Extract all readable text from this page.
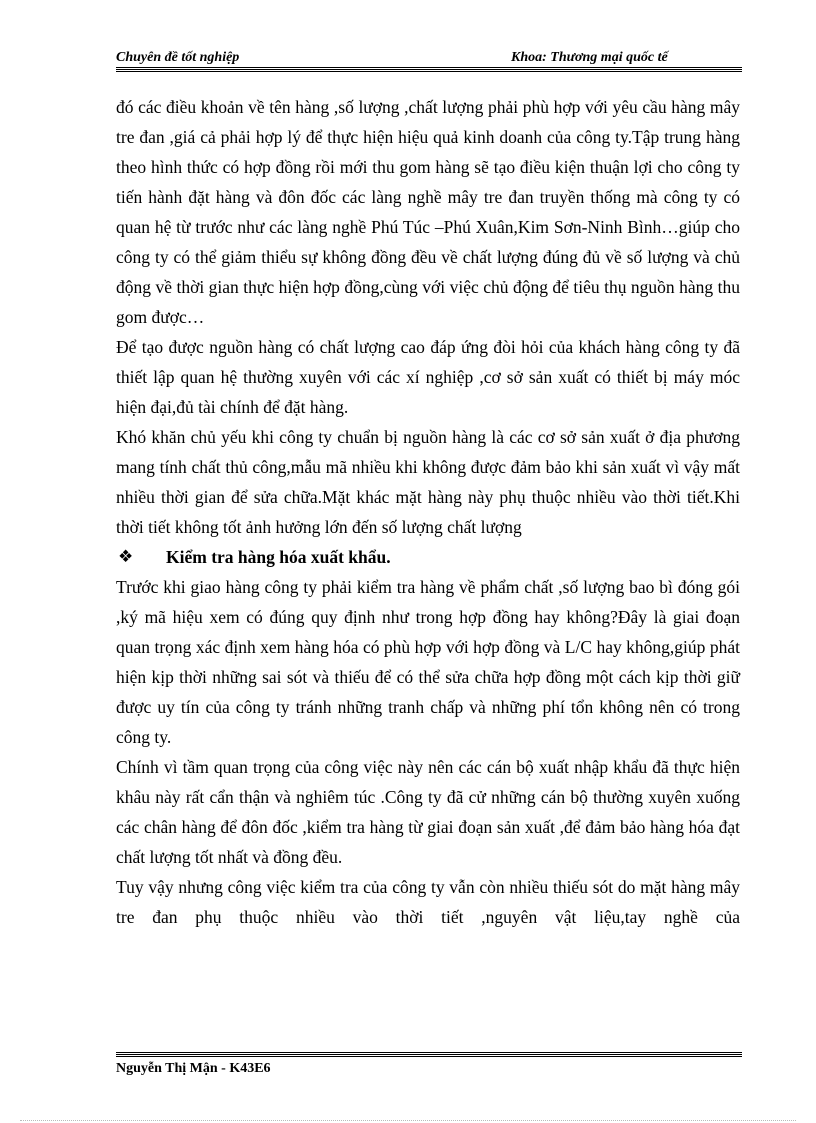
Chuyên đề tốt nghiệp	Khoa: Thương mại quốc tế

đó các điều khoản về tên hàng ,số lượng ,chất lượng phải phù hợp với yêu cầu hàng mây tre đan ,giá cả phải hợp lý để thực hiện hiệu quả kinh doanh của công ty.Tập trung hàng theo hình thức có hợp đồng rồi mới thu gom hàng sẽ tạo điều kiện thuận lợi cho công ty tiến hành đặt hàng và đôn đốc các làng nghề mây tre đan truyền thống mà công ty có quan hệ từ trước như các làng nghề Phú Túc –Phú Xuân,Kim Sơn-Ninh Bình…giúp cho công ty có thể giảm thiểu sự không đồng đều về chất lượng đúng đủ về số lượng và chủ động về thời gian thực hiện hợp đồng,cùng với việc chủ động để tiêu thụ nguồn hàng thu gom được…

Để tạo được nguồn hàng có chất lượng cao đáp ứng đòi hỏi của khách hàng công ty đã thiết lập quan hệ thường xuyên với các xí nghiệp ,cơ sở sản xuất có thiết bị máy móc hiện đại,đủ tài chính để đặt hàng.

Khó khăn chủ yếu khi công ty chuẩn bị nguồn hàng là các cơ sở sản xuất ở địa phương mang tính chất thủ công,mẫu mã nhiều khi không được đảm bảo khi sản xuất vì vậy mất nhiều thời gian để sửa chữa.Mặt khác mặt hàng này phụ thuộc nhiều vào thời tiết.Khi thời tiết không tốt ảnh hưởng lớn đến số lượng chất lượng

❖ Kiểm tra hàng hóa xuất khẩu.

Trước khi giao hàng công ty phải kiểm tra hàng về phẩm chất ,số lượng bao bì đóng gói ,ký mã hiệu xem có đúng quy định như trong hợp đồng hay không?Đây là giai đoạn quan trọng xác định xem hàng hóa có phù hợp với hợp đồng và L/C hay không,giúp phát hiện kịp thời những sai sót và thiếu để có thể sửa chữa hợp đồng một cách kịp thời giữ được uy tín của công ty tránh những tranh chấp và những phí tổn không nên có trong công ty.

Chính vì tầm quan trọng của công việc này nên các cán bộ xuất nhập khẩu đã thực hiện khâu này rất cẩn thận và nghiêm túc .Công ty đã cử những cán bộ thường xuyên xuống các chân hàng để đôn đốc ,kiểm tra hàng từ giai đoạn sản xuất ,để đảm bảo hàng hóa đạt chất lượng tốt nhất và đồng đều.

Tuy vậy nhưng công việc kiểm tra của công ty vẫn còn nhiều thiếu sót do mặt hàng mây tre đan phụ thuộc nhiều vào thời tiết ,nguyên vật liệu,tay nghề của

Nguyễn Thị Mận - K43E6
